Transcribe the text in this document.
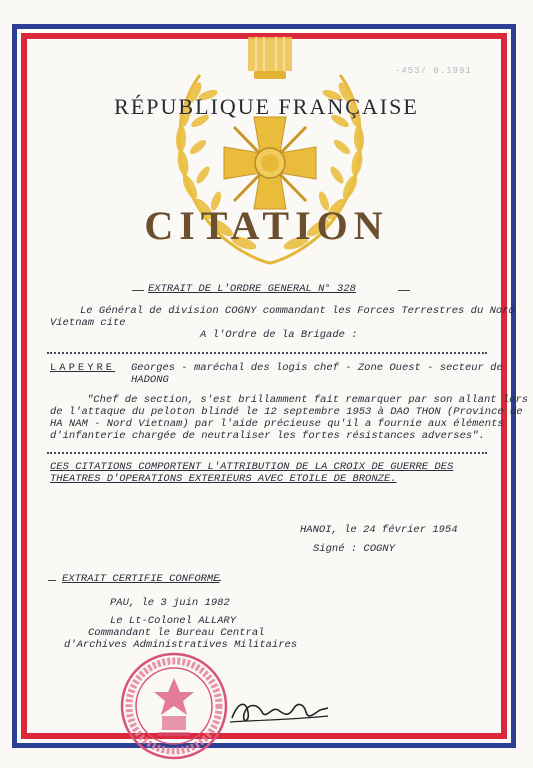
-453/ 0.1991
RÉPUBLIQUE FRANÇAISE
CITATION
EXTRAIT DE L'ORDRE GENERAL N° 328
Le Général de division COGNY commandant les Forces Terrestres du Nord
Vietnam cite
A l'Ordre de la Brigade :
LAPEYRE Georges - maréchal des logis chef - Zone Ouest - secteur de
HADONG
"Chef de section, s'est brillamment fait remarquer par son allant lors
de l'attaque du peloton blindé le 12 septembre 1953 à DAO THON (Province de
HA NAM - Nord Vietnam) par l'aide précieuse qu'il a fournie aux éléments
d'infanterie chargée de neutraliser les fortes résistances adverses".
CES CITATIONS COMPORTENT L'ATTRIBUTION DE LA CROIX DE GUERRE DES
THEATRES D'OPERATIONS EXTERIEURS AVEC ETOILE DE BRONZE.
HANOI, le 24 février 1954
Signé : COGNY
EXTRAIT CERTIFIE CONFORME
PAU, le 3 juin 1982
Le Lt-Colonel ALLARY
Commandant le Bureau Central
d'Archives Administratives Militaires
